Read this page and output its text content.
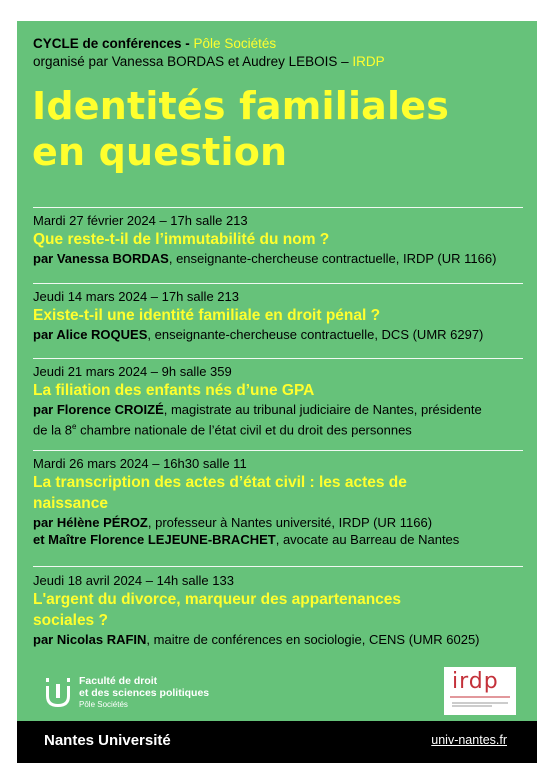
CYCLE de conférences - Pôle Sociétés
organisé par Vanessa BORDAS et Audrey LEBOIS – IRDP
Identités familiales
en question
Mardi 27 février 2024 – 17h salle 213
Que reste-t-il de l’immutabilité du nom ?
par Vanessa BORDAS, enseignante-chercheuse contractuelle, IRDP (UR 1166)
Jeudi 14 mars 2024 – 17h salle 213
Existe-t-il une identité familiale en droit pénal ?
par Alice ROQUES, enseignante-chercheuse contractuelle, DCS (UMR 6297)
Jeudi 21 mars 2024 – 9h salle 359
La filiation des enfants nés d’une GPA
par Florence CROIZÉ, magistrate au tribunal judiciaire de Nantes, présidente
de la 8e chambre nationale de l’état civil et du droit des personnes
Mardi 26 mars 2024 – 16h30 salle 11
La transcription des actes d’état civil : les actes de
naissance
par Hélène PÉROZ, professeur à Nantes université, IRDP (UR 1166)
et Maître Florence LEJEUNE-BRACHET, avocate au Barreau de Nantes
Jeudi 18 avril 2024 – 14h salle 133
L'argent du divorce, marqueur des appartenances
sociales ?
par Nicolas RAFIN, maitre de conférences en sociologie, CENS (UMR 6025)
Faculté de droit
et des sciences politiques
Pôle Sociétés
irdp
Nantes Université	univ-nantes.fr
